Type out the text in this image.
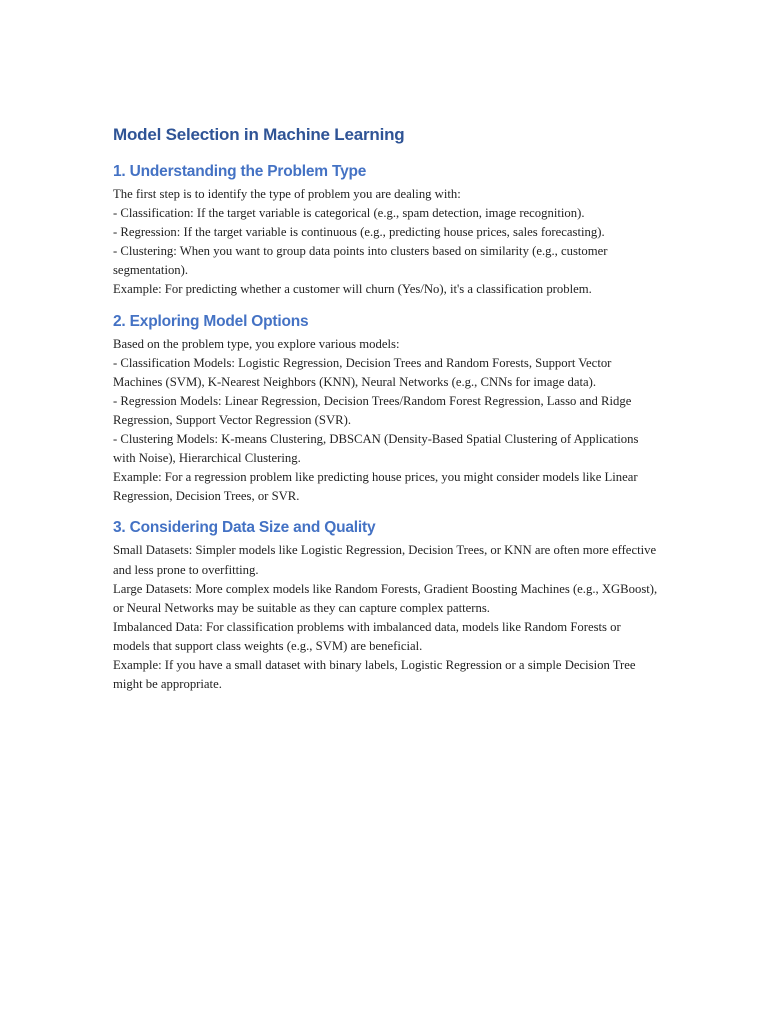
Model Selection in Machine Learning
1. Understanding the Problem Type
The first step is to identify the type of problem you are dealing with:
- Classification: If the target variable is categorical (e.g., spam detection, image recognition).
- Regression: If the target variable is continuous (e.g., predicting house prices, sales forecasting).
- Clustering: When you want to group data points into clusters based on similarity (e.g., customer segmentation).
Example: For predicting whether a customer will churn (Yes/No), it's a classification problem.
2. Exploring Model Options
Based on the problem type, you explore various models:
- Classification Models: Logistic Regression, Decision Trees and Random Forests, Support Vector Machines (SVM), K-Nearest Neighbors (KNN), Neural Networks (e.g., CNNs for image data).
- Regression Models: Linear Regression, Decision Trees/Random Forest Regression, Lasso and Ridge Regression, Support Vector Regression (SVR).
- Clustering Models: K-means Clustering, DBSCAN (Density-Based Spatial Clustering of Applications with Noise), Hierarchical Clustering.
Example: For a regression problem like predicting house prices, you might consider models like Linear Regression, Decision Trees, or SVR.
3. Considering Data Size and Quality
Small Datasets: Simpler models like Logistic Regression, Decision Trees, or KNN are often more effective and less prone to overfitting.
Large Datasets: More complex models like Random Forests, Gradient Boosting Machines (e.g., XGBoost), or Neural Networks may be suitable as they can capture complex patterns.
Imbalanced Data: For classification problems with imbalanced data, models like Random Forests or models that support class weights (e.g., SVM) are beneficial.
Example: If you have a small dataset with binary labels, Logistic Regression or a simple Decision Tree might be appropriate.
